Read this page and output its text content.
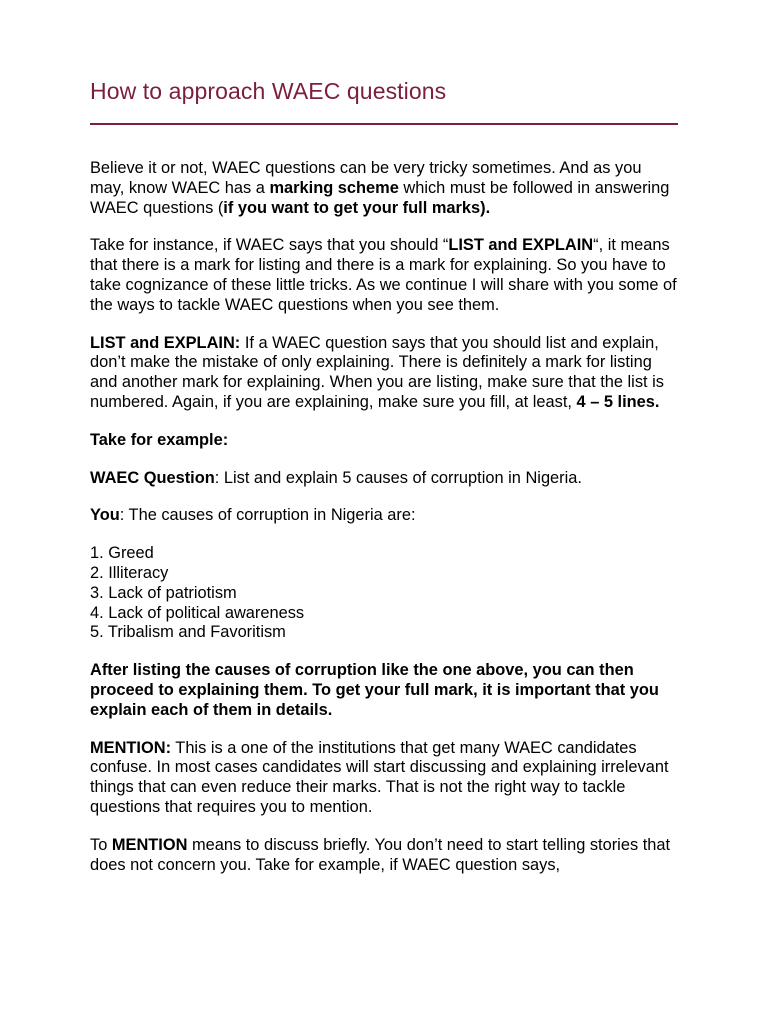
How to approach WAEC questions

Believe it or not, WAEC questions can be very tricky sometimes. And as you may, know WAEC has a marking scheme which must be followed in answering WAEC questions (if you want to get your full marks).

Take for instance, if WAEC says that you should “LIST and EXPLAIN“, it means that there is a mark for listing and there is a mark for explaining. So you have to take cognizance of these little tricks. As we continue I will share with you some of the ways to tackle WAEC questions when you see them.

LIST and EXPLAIN: If a WAEC question says that you should list and explain, don’t make the mistake of only explaining. There is definitely a mark for listing and another mark for explaining. When you are listing, make sure that the list is numbered. Again, if you are explaining, make sure you fill, at least, 4 – 5 lines.

Take for example:

WAEC Question: List and explain 5 causes of corruption in Nigeria.

You: The causes of corruption in Nigeria are:

1. Greed
2. Illiteracy
3. Lack of patriotism
4. Lack of political awareness
5. Tribalism and Favoritism

After listing the causes of corruption like the one above, you can then proceed to explaining them. To get your full mark, it is important that you explain each of them in details.

MENTION: This is a one of the institutions that get many WAEC candidates confuse. In most cases candidates will start discussing and explaining irrelevant things that can even reduce their marks. That is not the right way to tackle questions that requires you to mention.

To MENTION means to discuss briefly. You don’t need to start telling stories that does not concern you. Take for example, if WAEC question says,
